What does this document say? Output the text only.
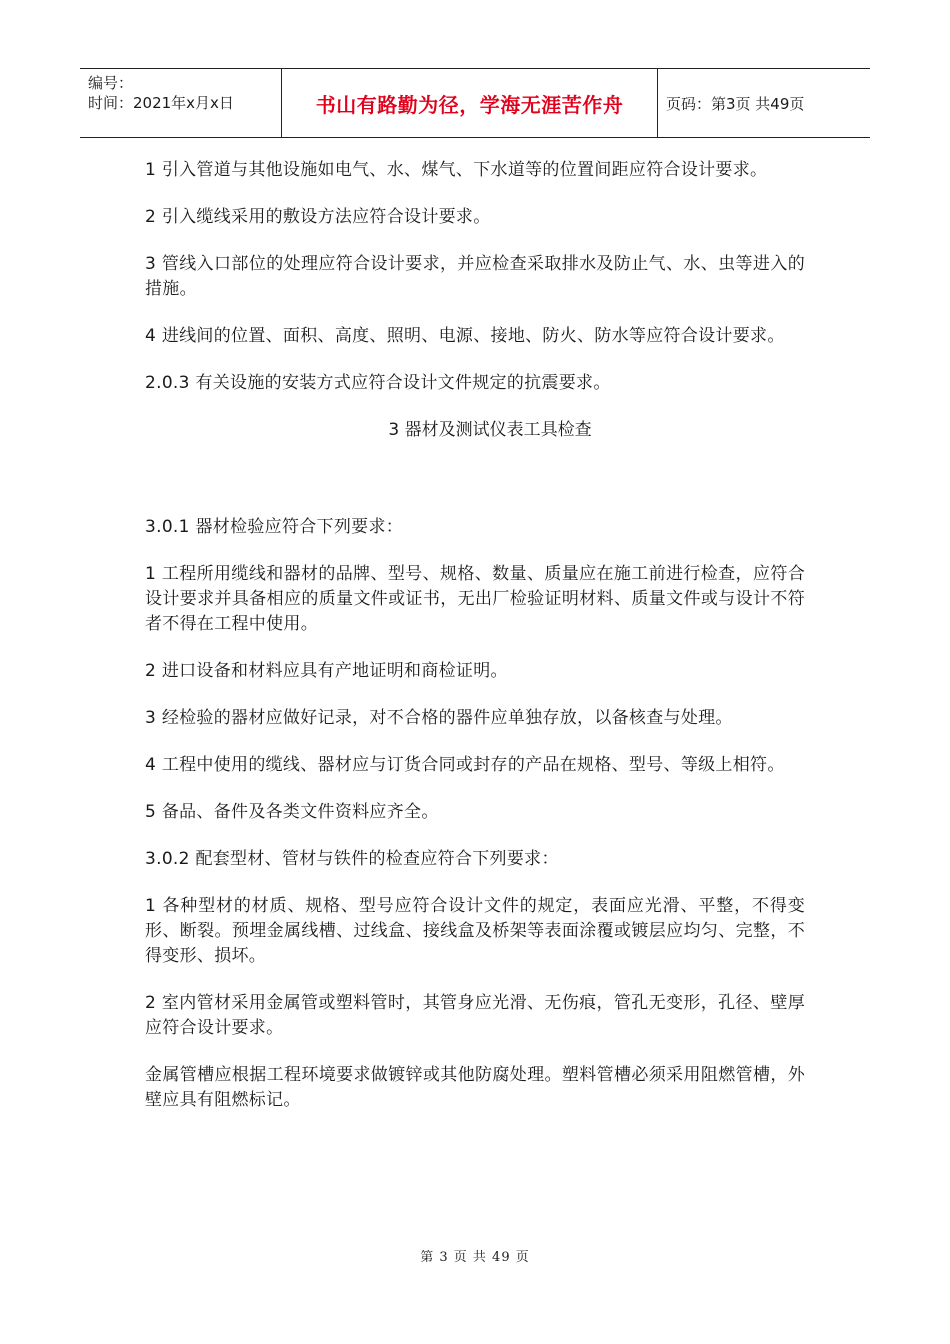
编号：
时间：2021年x月x日	书山有路勤为径，学海无涯苦作舟	页码：第3页 共49页

1 引入管道与其他设施如电气、水、煤气、下水道等的位置间距应符合设计要求。

2 引入缆线采用的敷设方法应符合设计要求。

3 管线入口部位的处理应符合设计要求，并应检查采取排水及防止气、水、虫等进入的措施。

4 进线间的位置、面积、高度、照明、电源、接地、防火、防水等应符合设计要求。

2.0.3 有关设施的安装方式应符合设计文件规定的抗震要求。

3 器材及测试仪表工具检查

3.0.1 器材检验应符合下列要求：

1 工程所用缆线和器材的品牌、型号、规格、数量、质量应在施工前进行检查，应符合设计要求并具备相应的质量文件或证书，无出厂检验证明材料、质量文件或与设计不符者不得在工程中使用。

2 进口设备和材料应具有产地证明和商检证明。

3 经检验的器材应做好记录，对不合格的器件应单独存放，以备核查与处理。

4 工程中使用的缆线、器材应与订货合同或封存的产品在规格、型号、等级上相符。

5 备品、备件及各类文件资料应齐全。

3.0.2 配套型材、管材与铁件的检查应符合下列要求：

1 各种型材的材质、规格、型号应符合设计文件的规定，表面应光滑、平整，不得变形、断裂。预埋金属线槽、过线盒、接线盒及桥架等表面涂覆或镀层应均匀、完整，不得变形、损坏。

2 室内管材采用金属管或塑料管时，其管身应光滑、无伤痕，管孔无变形，孔径、壁厚应符合设计要求。

金属管槽应根据工程环境要求做镀锌或其他防腐处理。塑料管槽必须采用阻燃管槽，外壁应具有阻燃标记。

第 3 页 共 49 页
